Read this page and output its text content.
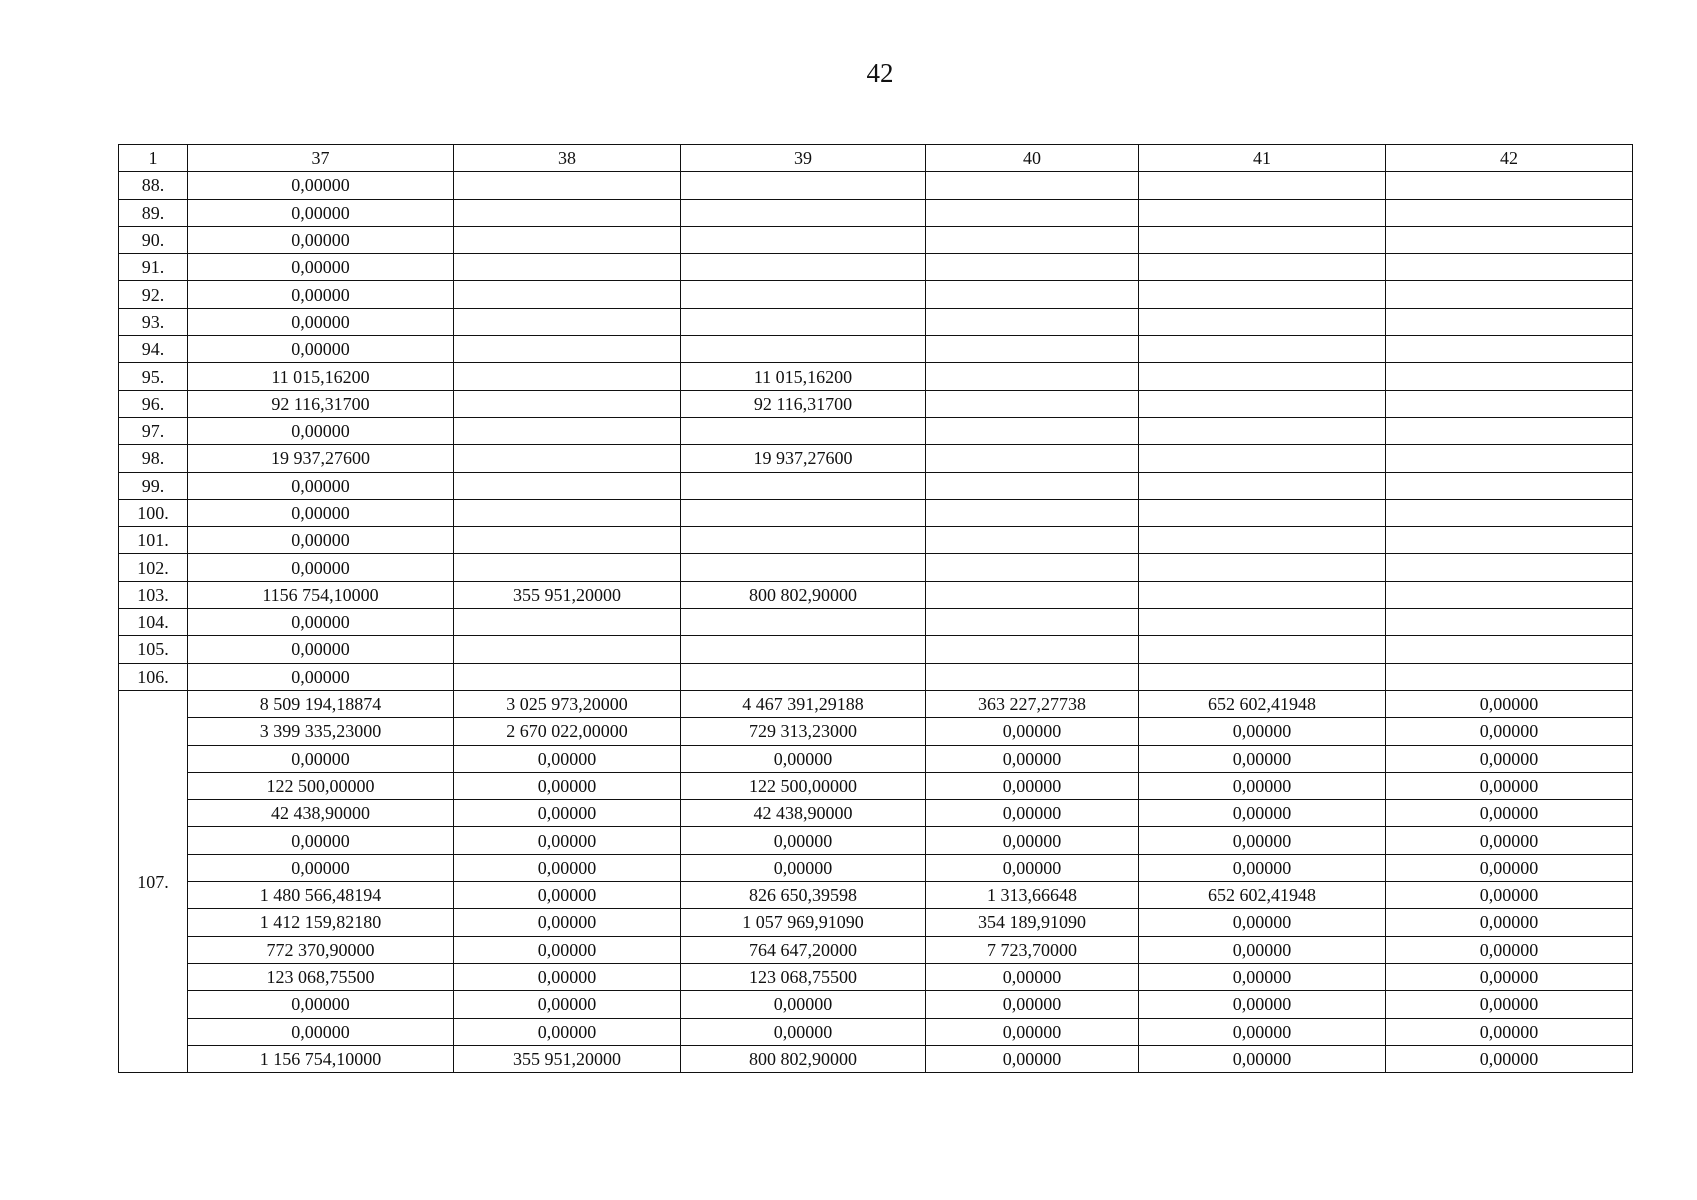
42
1	37	38	39	40	41	42
88.	0,00000					
89.	0,00000					
90.	0,00000					
91.	0,00000					
92.	0,00000					
93.	0,00000					
94.	0,00000					
95.	11 015,16200		11 015,16200			
96.	92 116,31700		92 116,31700			
97.	0,00000					
98.	19 937,27600		19 937,27600			
99.	0,00000					
100.	0,00000					
101.	0,00000					
102.	0,00000					
103.	1156 754,10000	355 951,20000	800 802,90000			
104.	0,00000					
105.	0,00000					
106.	0,00000					
107.	8 509 194,18874	3 025 973,20000	4 467 391,29188	363 227,27738	652 602,41948	0,00000
	3 399 335,23000	2 670 022,00000	729 313,23000	0,00000	0,00000	0,00000
	0,00000	0,00000	0,00000	0,00000	0,00000	0,00000
	122 500,00000	0,00000	122 500,00000	0,00000	0,00000	0,00000
	42 438,90000	0,00000	42 438,90000	0,00000	0,00000	0,00000
	0,00000	0,00000	0,00000	0,00000	0,00000	0,00000
	0,00000	0,00000	0,00000	0,00000	0,00000	0,00000
	1 480 566,48194	0,00000	826 650,39598	1 313,66648	652 602,41948	0,00000
	1 412 159,82180	0,00000	1 057 969,91090	354 189,91090	0,00000	0,00000
	772 370,90000	0,00000	764 647,20000	7 723,70000	0,00000	0,00000
	123 068,75500	0,00000	123 068,75500	0,00000	0,00000	0,00000
	0,00000	0,00000	0,00000	0,00000	0,00000	0,00000
	0,00000	0,00000	0,00000	0,00000	0,00000	0,00000
	1 156 754,10000	355 951,20000	800 802,90000	0,00000	0,00000	0,00000
